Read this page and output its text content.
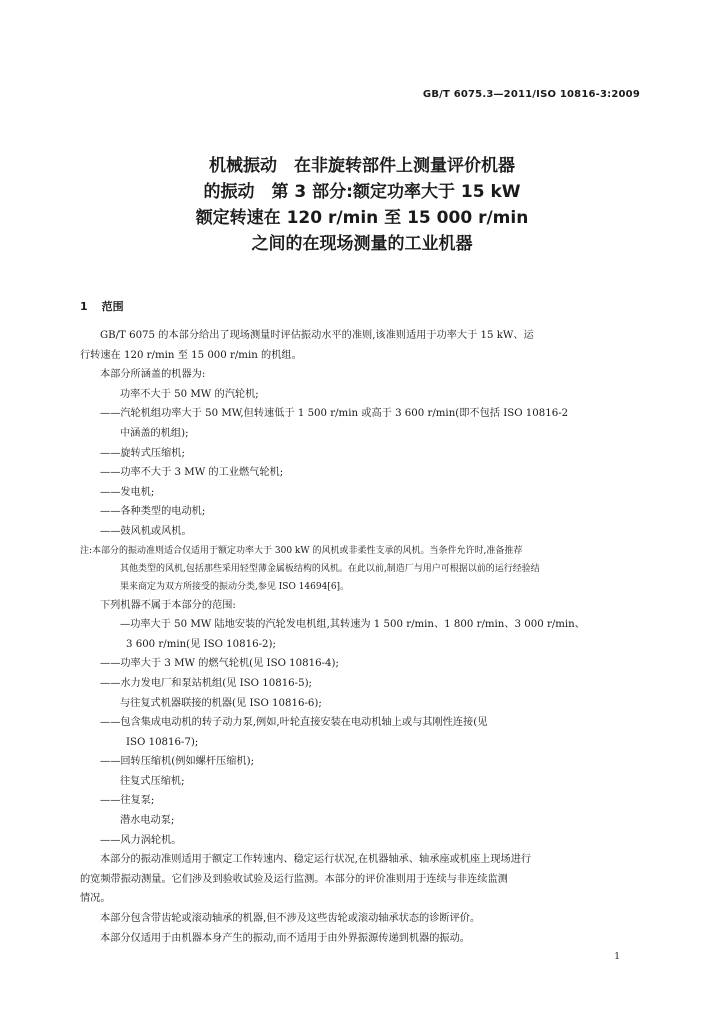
GB/T 6075.3—2011/ISO 10816-3:2009
机械振动　在非旋转部件上测量评价机器
的振动　第 3 部分:额定功率大于 15 kW
额定转速在 120 r/min 至 15 000 r/min
之间的在现场测量的工业机器
1 范围

GB/T 6075 的本部分给出了现场测量时评估振动水平的准则,该准则适用于功率大于 15 kW、运

行转速在 120 r/min 至 15 000 r/min 的机组。

本部分所涵盖的机器为:

功率不大于 50 MW 的汽轮机;

——汽轮机组功率大于 50 MW,但转速低于 1 500 r/min 或高于 3 600 r/min(即不包括 ISO 10816-2

中涵盖的机组);

——旋转式压缩机;

——功率不大于 3 MW 的工业燃气轮机;

——发电机;

——各种类型的电动机;

——鼓风机或风机。

注:本部分的振动准则适合仅适用于额定功率大于 300 kW 的风机或非柔性支承的风机。当条件允许时,准备推荐

其他类型的风机,包括那些采用轻型薄金属板结构的风机。在此以前,制造厂与用户可根据以前的运行经验结

果来商定为双方所接受的振动分类,参见 ISO 14694[6]。

下列机器不属于本部分的范围:

—功率大于 50 MW 陆地安装的汽轮发电机组,其转速为 1 500 r/min、1 800 r/min、3 000 r/min、

3 600 r/min(见 ISO 10816-2);

——功率大于 3 MW 的燃气轮机(见 ISO 10816-4);

——水力发电厂和泵站机组(见 ISO 10816-5);

与往复式机器联接的机器(见 ISO 10816-6);

——包含集成电动机的转子动力泵,例如,叶轮直接安装在电动机轴上或与其刚性连接(见

ISO 10816-7);

——回转压缩机(例如螺杆压缩机);

往复式压缩机;

——往复泵;

潜水电动泵;

——风力涡轮机。

本部分的振动准则适用于额定工作转速内、稳定运行状况,在机器轴承、轴承座或机座上现场进行

的宽频带振动测量。它们涉及到验收试验及运行监测。本部分的评价准则用于连续与非连续监测

情况。

本部分包含带齿轮或滚动轴承的机器,但不涉及这些齿轮或滚动轴承状态的诊断评价。

本部分仅适用于由机器本身产生的振动,而不适用于由外界振源传递到机器的振动。

1
